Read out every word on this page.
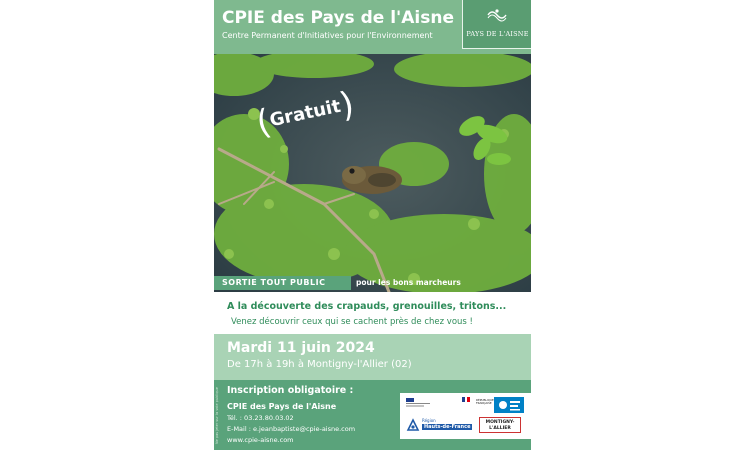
CPIE des Pays de l'Aisne
Centre Permanent d'Initiatives pour l'Environnement	PAYS DE L'AISNE
(Gratuit)
SORTIE TOUT PUBLIC	pour les bons marcheurs
A la découverte des crapauds, grenouilles, tritons...
Venez découvrir ceux qui se cachent près de chez vous !
Mardi 11 juin 2024
De 17h à 19h à Montigny-l'Allier (02)
Ne pas jeter sur la voie publique Inscription obligatoire :
CPIE des Pays de l'Aisne
Tél. : 03.23.80.03.02
E-Mail : e.jeanbaptiste@cpie-aisne.com
www.cpie-aisne.com
RÉPUBLIQUE FRANÇAISE
Région
Hauts-de-France
MONTIGNY-L'ALLIER
